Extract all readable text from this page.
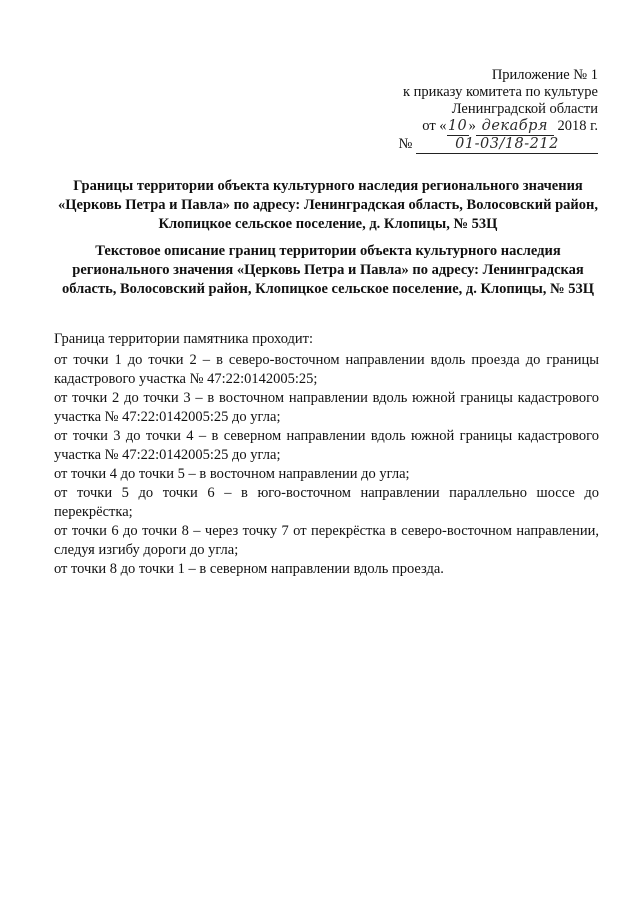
Приложение № 1
к приказу комитета по культуре
Ленинградской области
от «10» декабря 2018 г.
№	01-03/18-212
Границы территории объекта культурного наследия регионального значения «Церковь Петра и Павла» по адресу: Ленинградская область, Волосовский район, Клопицкое сельское поселение, д. Клопицы, № 53Ц
Текстовое описание границ территории объекта культурного наследия регионального значения «Церковь Петра и Павла» по адресу: Ленинградская область, Волосовский район, Клопицкое сельское поселение, д. Клопицы, № 53Ц

Граница территории памятника проходит:

от точки 1 до точки 2 – в северо-восточном направлении вдоль проезда до границы кадастрового участка № 47:22:0142005:25;

от точки 2 до точки 3 – в восточном направлении вдоль южной границы кадастрового участка № 47:22:0142005:25 до угла;

от точки 3 до точки 4 – в северном направлении вдоль южной границы кадастрового участка № 47:22:0142005:25 до угла;

от точки 4 до точки 5 – в восточном направлении до угла;

от точки 5 до точки 6 – в юго-восточном направлении параллельно шоссе до перекрёстка;

от точки 6 до точки 8 – через точку 7 от перекрёстка в северо-восточном направлении, следуя изгибу дороги до угла;

от точки 8 до точки 1 – в северном направлении вдоль проезда.
